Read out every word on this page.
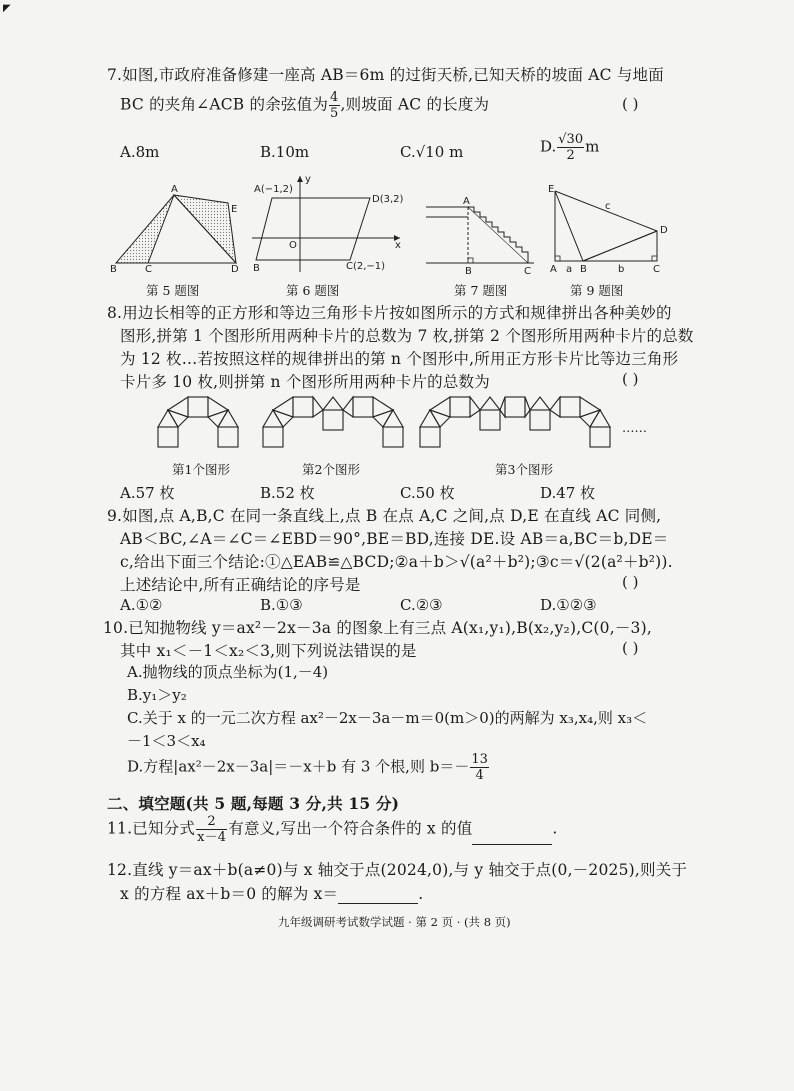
◤
7.如图,市政府准备修建一座高 AB＝6m 的过街天桥,已知天桥的坡面 AC 与地面
BC 的夹角∠ACB 的余弦值为 $\frac{4}{5}$ ,则坡面 AC 的长度为	( )
A.8m	B.10m	C.√10 m	D. $\frac{√30}{2}$ m
A
E
B	C	D
第 5 题图
A(−1,2)
D(3,2)
O
B	C(2,−1)
x
y
第 6 题图
A
B	C
第 7 题图
E
D
c
A a B	b	C
第 9 题图
8.用边长相等的正方形和等边三角形卡片按如图所示的方式和规律拼出各种美妙的
图形,拼第 1 个图形所用两种卡片的总数为 7 枚,拼第 2 个图形所用两种卡片的总数
为 12 枚…若按照这样的规律拼出的第 n 个图形中,所用正方形卡片比等边三角形
卡片多 10 枚,则拼第 n 个图形所用两种卡片的总数为	( )
第1个图形	第2个图形	第3个图形
……
A.57 枚	B.52 枚	C.50 枚	D.47 枚
9.如图,点 A,B,C 在同一条直线上,点 B 在点 A,C 之间,点 D,E 在直线 AC 同侧,
AB＜BC,∠A＝∠C＝∠EBD＝90°,BE＝BD,连接 DE.设 AB＝a,BC＝b,DE＝
c,给出下面三个结论:①△EAB≌△BCD;②a＋b＞√(a²＋b²);③c＝√(2(a²＋b²)).
上述结论中,所有正确结论的序号是	( )
A.①②	B.①③	C.②③	D.①②③
10.已知抛物线 y＝ax²－2x－3a 的图象上有三点 A(x₁,y₁),B(x₂,y₂),C(0,－3),
其中 x₁＜－1＜x₂＜3,则下列说法错误的是	( )
A.抛物线的顶点坐标为(1,－4)
B.y₁＞y₂
C.关于 x 的一元二次方程 ax²－2x－3a－m＝0(m＞0)的两解为 x₃,x₄,则 x₃＜
－1＜3＜x₄
D.方程|ax²－2x－3a|＝－x＋b 有 3 个根,则 $b=- \frac{13}{4}$
二、填空题(共 5 题,每题 3 分,共 15 分)
11.已知分式 $\frac{2}{x-4}$ 有意义,写出一个符合条件的 x 的值	.
12.直线 y＝ax＋b(a≠0)与 x 轴交于点(2024,0),与 y 轴交于点(0,－2025),则关于
x 的方程 ax＋b＝0 的解为 x＝	.
九年级调研考试数学试题 · 第 2 页 · (共 8 页)
